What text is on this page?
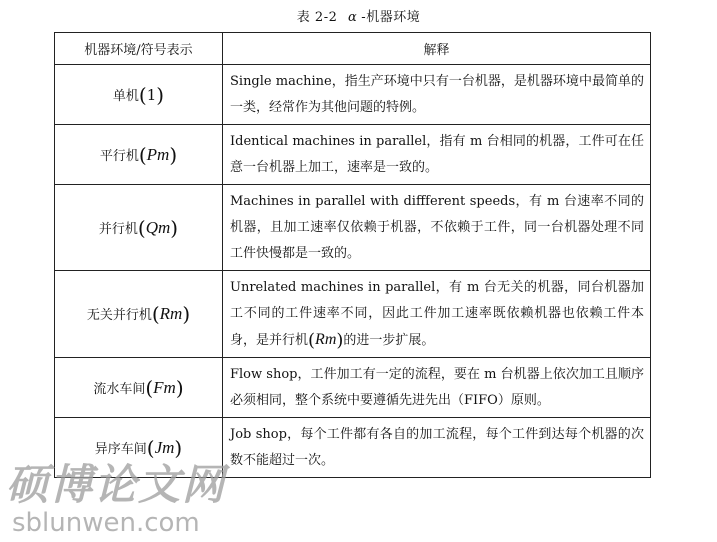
表 2-2 α -机器环境
机器环境/符号表示	解释
单机(1)	Single machine，指生产环境中只有一台机器，是机器环境中最简单的一类，经常作为其他问题的特例。
平行机(Pm)	Identical machines in parallel，指有 m 台相同的机器，工件可在任意一台机器上加工，速率是一致的。
并行机(Qm)	Machines in parallel with diffferent speeds，有 m 台速率不同的机器，且加工速率仅依赖于机器，不依赖于工件，同一台机器处理不同工件快慢都是一致的。
无关并行机(Rm)	Unrelated machines in parallel，有 m 台无关的机器，同台机器加工不同的工件速率不同，因此工件加工速率既依赖机器也依赖工件本身，是并行机(Rm)的进一步扩展。
流水车间(Fm)	Flow shop，工件加工有一定的流程，要在 m 台机器上依次加工且顺序必须相同，整个系统中要遵循先进先出（FIFO）原则。
异序车间(Jm)	Job shop，每个工件都有各自的加工流程，每个工件到达每个机器的次数不能超过一次。
硕博论文网
sblunwen.com
